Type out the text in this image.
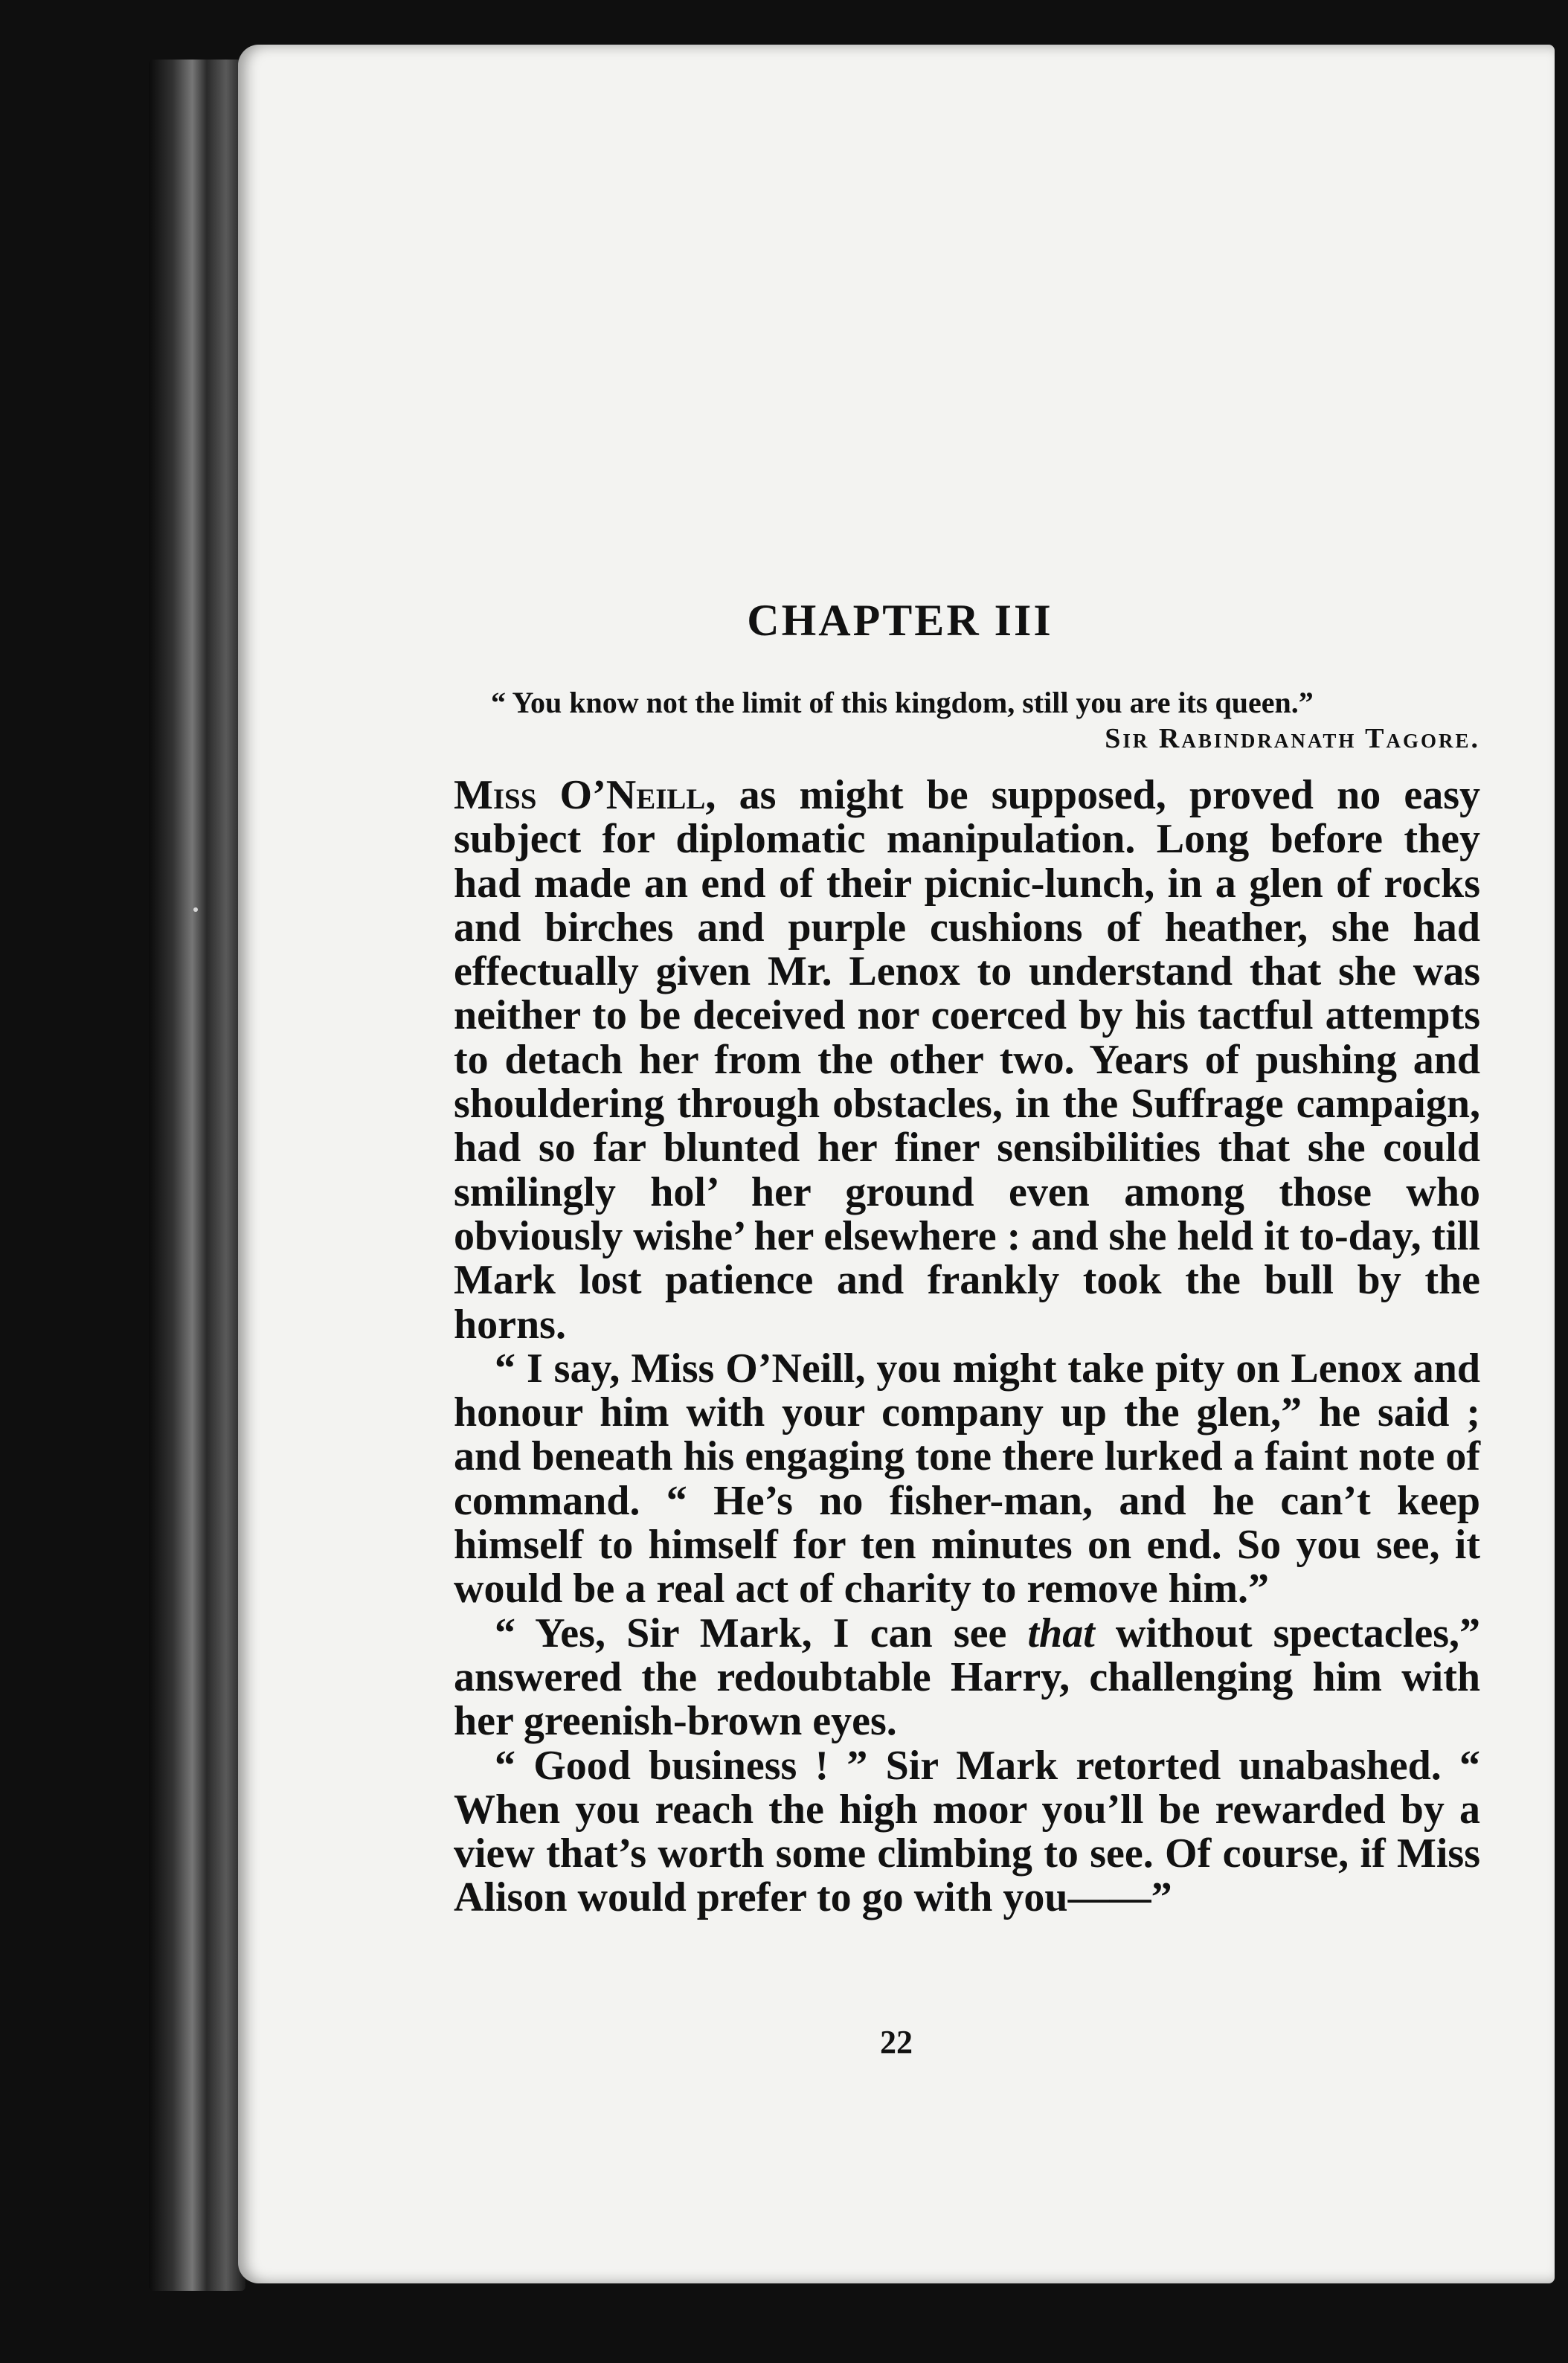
CHAPTER III
“ You know not the limit of this kingdom, still you are its queen.”
Sir Rabindranath Tagore.

Miss O’Neill, as might be supposed, proved no easy subject for diplomatic manipulation. Long before they had made an end of their picnic-lunch, in a glen of rocks and birches and purple cushions of heather, she had effectually given Mr. Lenox to understand that she was neither to be deceived nor coerced by his tactful attempts to detach her from the other two. Years of pushing and shouldering through obstacles, in the Suffrage campaign, had so far blunted her finer sensibilities that she could smilingly hol’ her ground even among those who obviously wishe’ her elsewhere : and she held it to-day, till Mark lost patience and frankly took the bull by the horns.

“ I say, Miss O’Neill, you might take pity on Lenox and honour him with your company up the glen,” he said ; and beneath his engaging tone there lurked a faint note of command. “ He’s no fisher-man, and he can’t keep himself to himself for ten minutes on end. So you see, it would be a real act of charity to remove him.”

“ Yes, Sir Mark, I can see that without spectacles,” answered the redoubtable Harry, challenging him with her greenish-brown eyes.

“ Good business ! ” Sir Mark retorted unabashed. “ When you reach the high moor you’ll be rewarded by a view that’s worth some climbing to see. Of course, if Miss Alison would prefer to go with you——”

22
